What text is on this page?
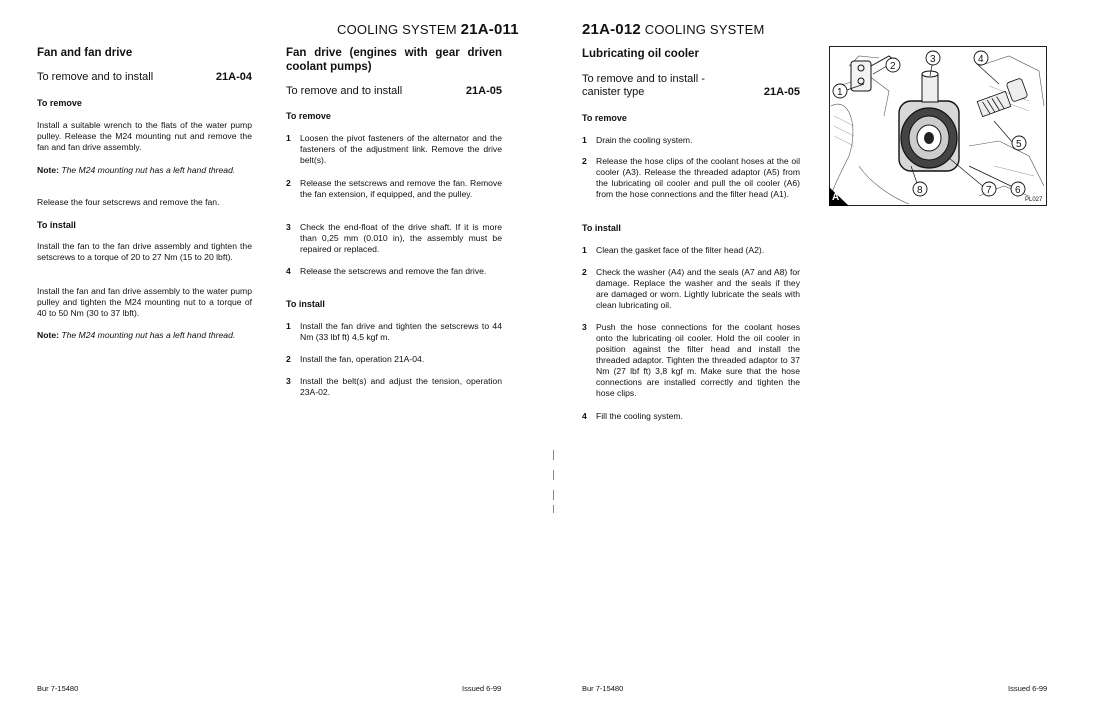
COOLING SYSTEM 21A-011
Fan and fan drive
To remove and to install	21A-04
To remove
Install a suitable wrench to the flats of the water pump pulley. Release the M24 mounting nut and remove the fan and fan drive assembly.
Note: The M24 mounting nut has a left hand thread.
Release the four setscrews and remove the fan.
To install
Install the fan to the fan drive assembly and tighten the setscrews to a torque of 20 to 27 Nm (15 to 20 lbft).
Install the fan and fan drive assembly to the water pump pulley and tighten the M24 mounting nut to a torque of 40 to 50 Nm (30 to 37 lbft).
Note: The M24 mounting nut has a left hand thread.
Fan drive (engines with gear driven coolant pumps)
To remove and to install	21A-05
To remove
1	Loosen the pivot fasteners of the alternator and the fasteners of the adjustment link. Remove the drive belt(s).
2	Release the setscrews and remove the fan. Remove the fan extension, if equipped, and the pulley.
3	Check the end-float of the drive shaft. If it is more than 0,25 mm (0.010 in), the assembly must be repaired or replaced.
4	Release the setscrews and remove the fan drive.
To install
1	Install the fan drive and tighten the setscrews to 44 Nm (33 lbf ft) 4,5 kgf m.
2	Install the fan, operation 21A-04.
3	Install the belt(s) and adjust the tension, operation 23A-02.
Bur 7-15480	Issued 6-99
21A-012 COOLING SYSTEM
Lubricating oil cooler
To remove and to install -
canister type	21A-05
To remove
1	Drain the cooling system.
2	Release the hose clips of the coolant hoses at the oil cooler (A3). Release the threaded adaptor (A5) from the lubricating oil cooler and pull the oil cooler (A6) from the hose connections and the filter head (A1).
To install
1	Clean the gasket face of the filter head (A2).
2	Check the washer (A4) and the seals (A7 and A8) for damage. Replace the washer and the seals if they are damaged or worn. Lightly lubricate the seals with clean lubricating oil.
3	Push the hose connections for the coolant hoses onto the lubricating oil cooler. Hold the oil cooler in position against the filter head and install the threaded adaptor. Tighten the threaded adaptor to 37 Nm (27 lbf ft) 3,8 kgf m. Make sure that the hose connections are installed correctly and tighten the hose clips.
4	Fill the cooling system.
A	PL027
1
2
3	4
5
6
7
8
Bur 7-15480	Issued 6-99
